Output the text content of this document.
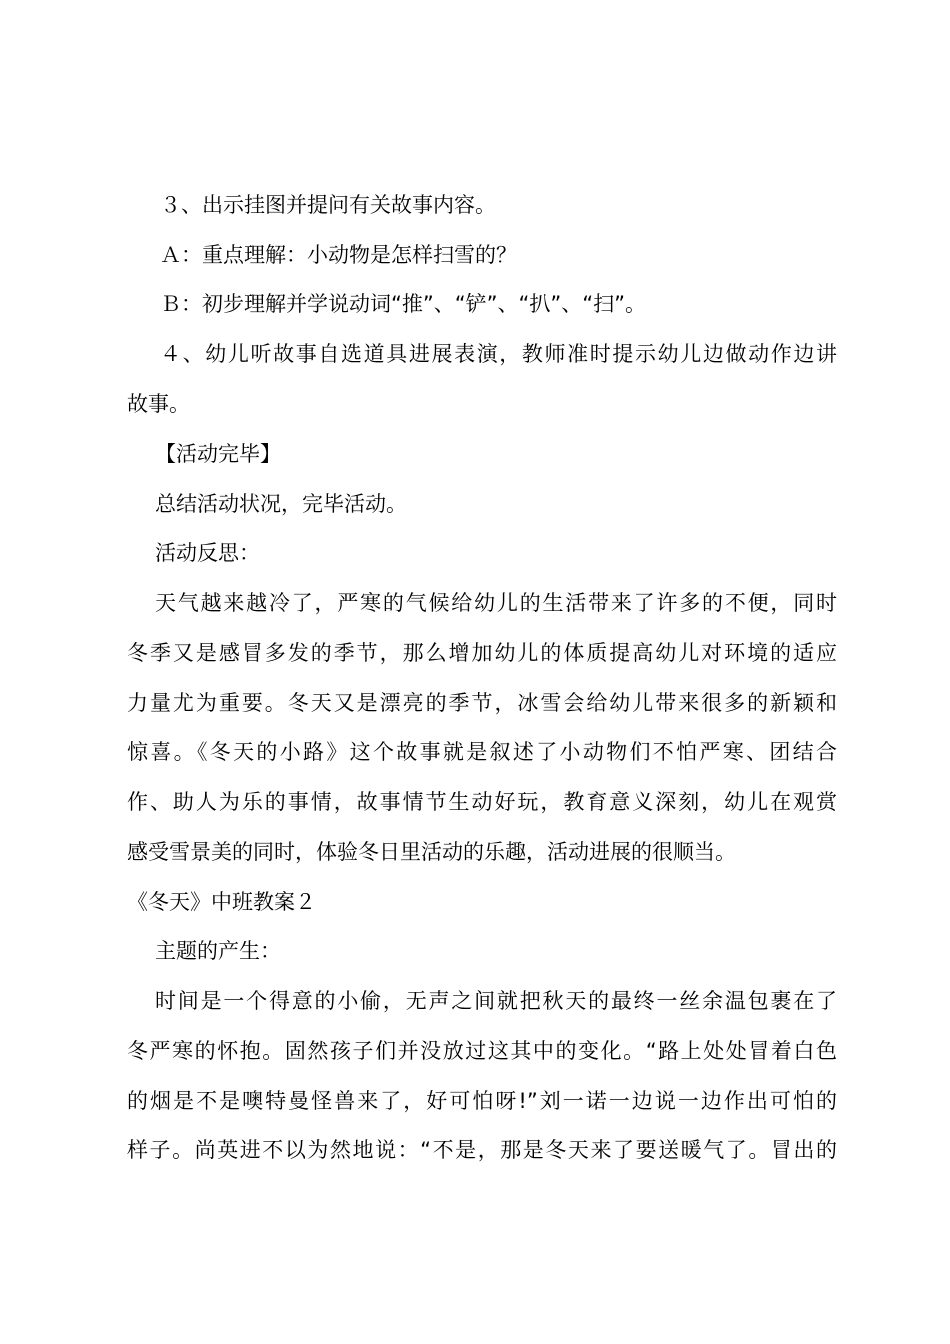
３、出示挂图并提问有关故事内容。
Ａ：重点理解：小动物是怎样扫雪的？
Ｂ：初步理解并学说动词“推”、“铲”、“扒”、“扫”。
４、幼儿听故事自选道具进展表演，教师准时提示幼儿边做动作边讲
故事。
【活动完毕】
总结活动状况，完毕活动。
活动反思：
天气越来越冷了，严寒的气候给幼儿的生活带来了许多的不便，同时
冬季又是感冒多发的季节，那么增加幼儿的体质提高幼儿对环境的适应
力量尤为重要。冬天又是漂亮的季节，冰雪会给幼儿带来很多的新颖和
惊喜。《冬天的小路》这个故事就是叙述了小动物们不怕严寒、团结合
作、助人为乐的事情，故事情节生动好玩，教育意义深刻，幼儿在观赏
感受雪景美的同时，体验冬日里活动的乐趣，活动进展的很顺当。
《冬天》中班教案２
主题的产生：
时间是一个得意的小偷，无声之间就把秋天的最终一丝余温包裹在了
冬严寒的怀抱。固然孩子们并没放过这其中的变化。“路上处处冒着白色
的烟是不是噢特曼怪兽来了，好可怕呀!”刘一诺一边说一边作出可怕的
样子。尚英进不以为然地说：“不是，那是冬天来了要送暖气了。冒出的
